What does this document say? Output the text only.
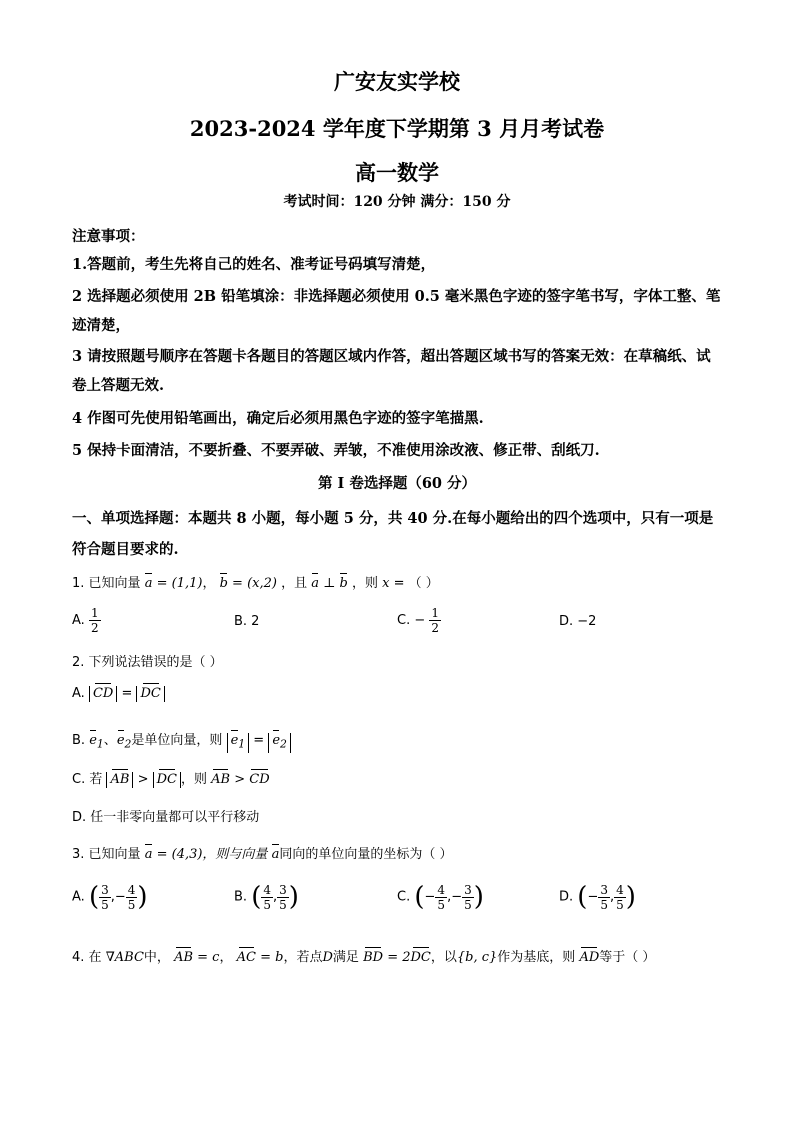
广安友实学校
2023-2024 学年度下学期第 3 月月考试卷
高一数学
考试时间：120 分钟 满分：150 分
注意事项：
1.答题前，考生先将自己的姓名、准考证号码填写清楚，
2 选择题必须使用 2B 铅笔填涂：非选择题必须使用 0.5 毫米黑色字迹的签字笔书写，字体工整、笔迹清楚，
3 请按照题号顺序在答题卡各题目的答题区域内作答，超出答题区域书写的答案无效：在草稿纸、试卷上答题无效.
4 作图可先使用铅笔画出，确定后必须用黑色字迹的签字笔描黑.
5 保持卡面清洁，不要折叠、不要弄破、弄皱，不准使用涂改液、修正带、刮纸刀.
第 I 卷选择题（60 分）
一、单项选择题：本题共 8 小题，每小题 5 分，共 40 分.在每小题给出的四个选项中，只有一项是符合题目要求的.
1. 已知向量 a = (1,1)， b = (x,2) ，且 a ⊥ b ，则 x = （ ）
A. $\frac{1}{2}$	B. 2	C. − $\frac{1}{2}$	D. −2
2. 下列说法错误的是（ ）
A. CD = DC
B. $e_1$、$e_2$是单位向量，则 $e_1 = e_2$
C. 若 AB > DC ，则 AB > CD
D. 任一非零向量都可以平行移动
3. 已知向量 a = (4,3)，则与向量 a同向的单位向量的坐标为（ ）
A. ( $\frac{3}{5}$ ,− $\frac{4}{5}$ )	B. ( $\frac{4}{5}$ , $\frac{3}{5}$ )	C. (− $\frac{4}{5}$ ,− $\frac{3}{5}$ )	D. (− $\frac{3}{5}$ , $\frac{4}{5}$ )
4. 在 ∇ABC中， AB = c， AC = b，若点D满足 BD = 2DC，以{b, c}作为基底，则 AD等于（ ）
